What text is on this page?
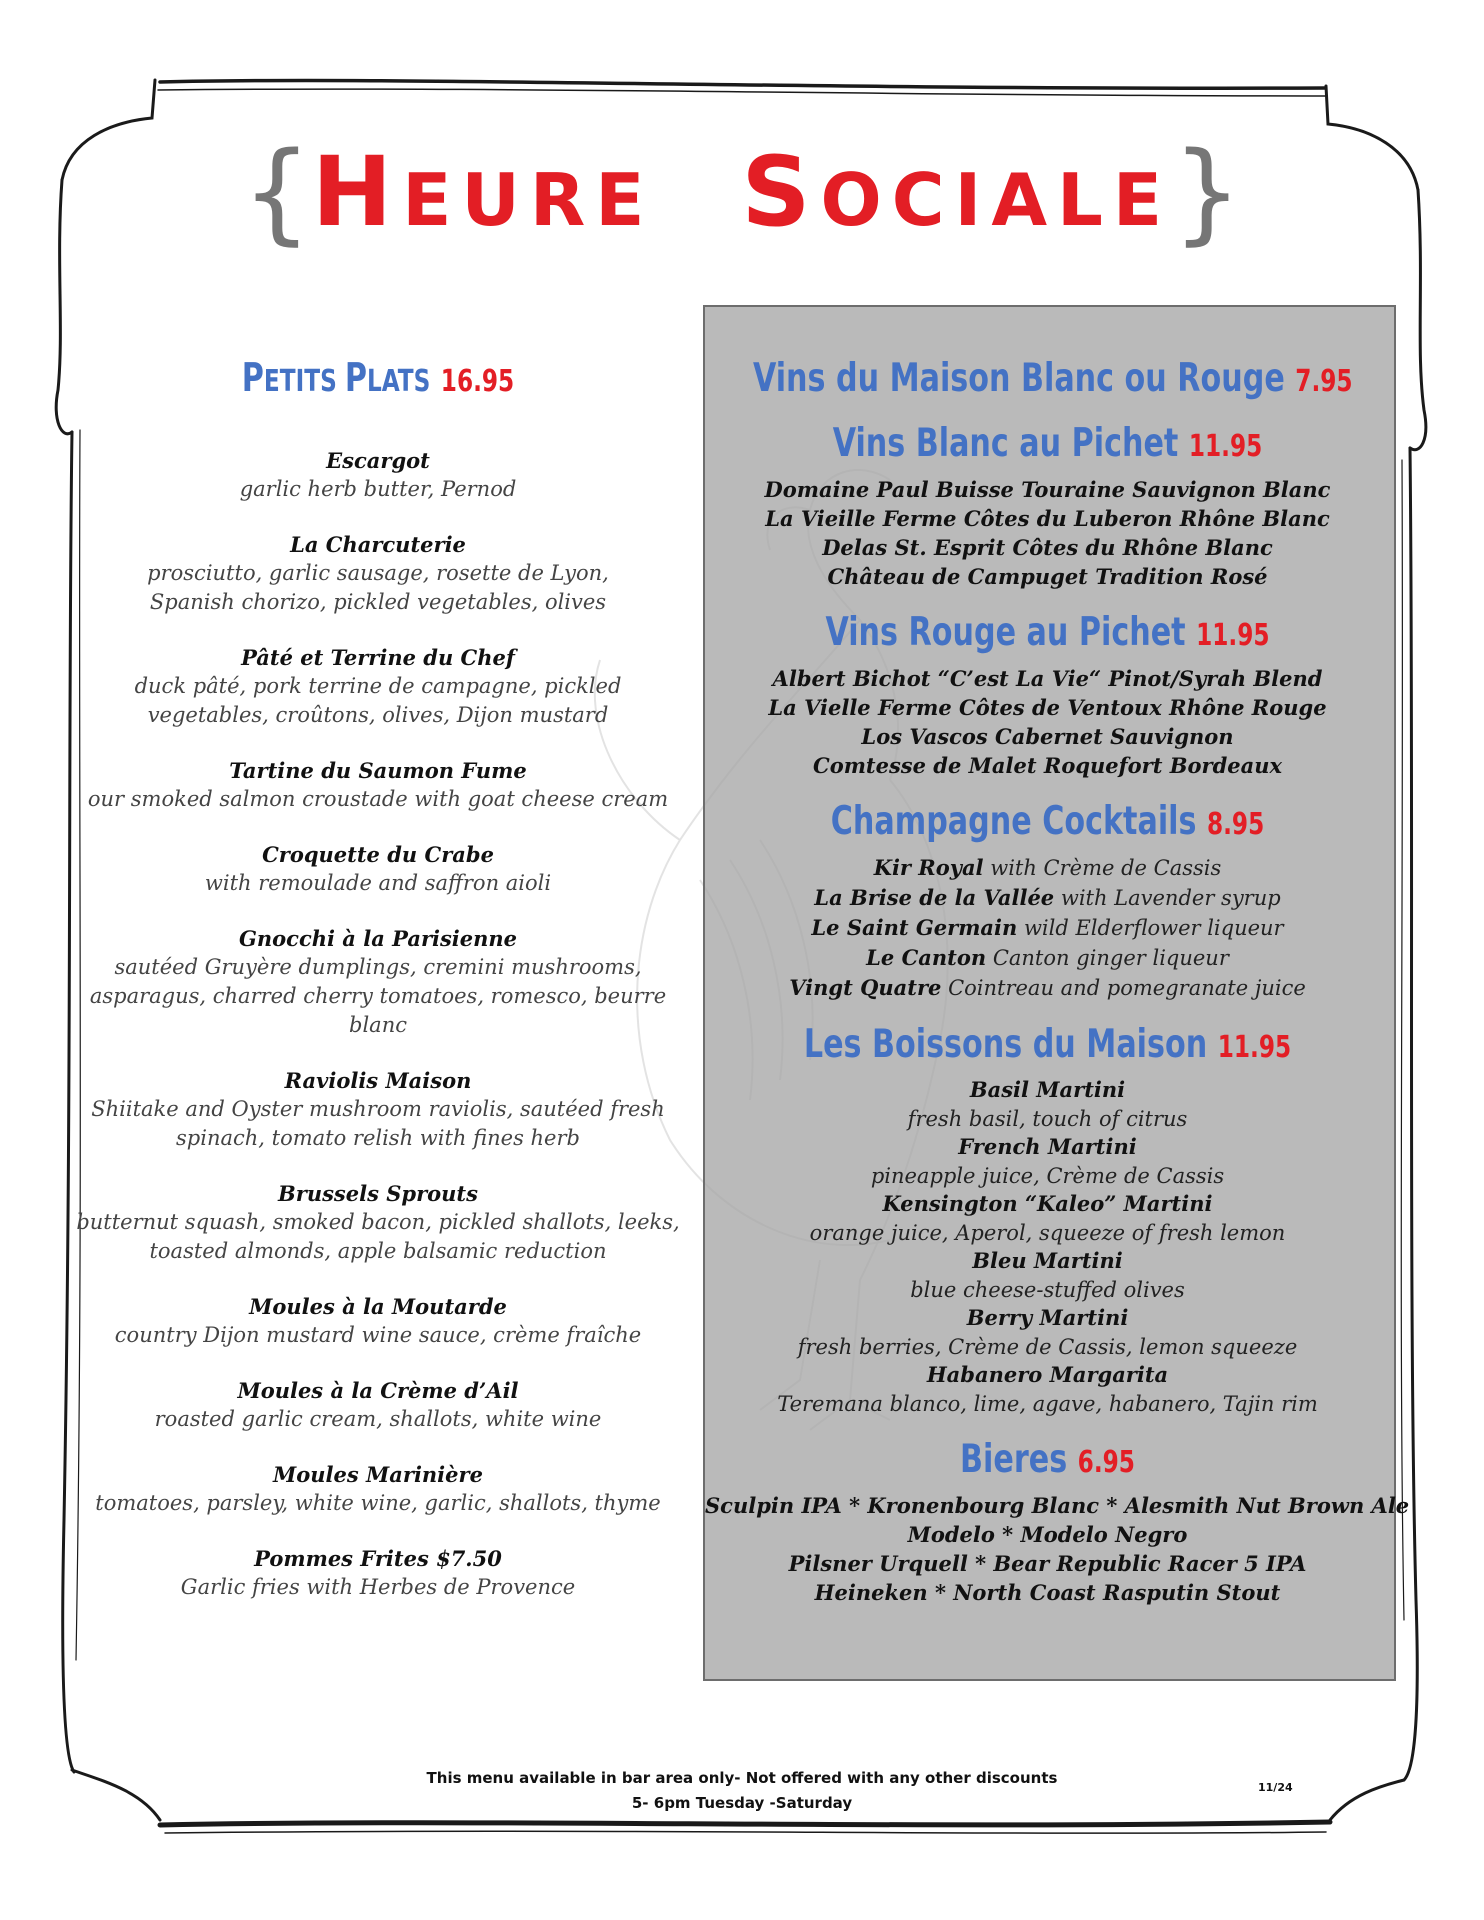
{HEURE SOCIALE}
PETITS PLATS 16.95
Escargot
garlic herb butter, Pernod
La Charcuterie
prosciutto, garlic sausage, rosette de Lyon,
Spanish chorizo, pickled vegetables, olives
Pâté et Terrine du Chef
duck pâté, pork terrine de campagne, pickled
vegetables, croûtons, olives, Dijon mustard
Tartine du Saumon Fume
our smoked salmon croustade with goat cheese cream
Croquette du Crabe
with remoulade and saffron aioli
Gnocchi à la Parisienne
sautéed Gruyère dumplings, cremini mushrooms,
asparagus, charred cherry tomatoes, romesco, beurre blanc
Raviolis Maison
Shiitake and Oyster mushroom raviolis, sautéed fresh
spinach, tomato relish with fines herb
Brussels Sprouts
butternut squash, smoked bacon, pickled shallots, leeks,
toasted almonds, apple balsamic reduction
Moules à la Moutarde
country Dijon mustard wine sauce, crème fraîche
Moules à la Crème d’Ail
roasted garlic cream, shallots, white wine
Moules Marinière
tomatoes, parsley, white wine, garlic, shallots, thyme
Pommes Frites $7.50
Garlic fries with Herbes de Provence
Vins du Maison Blanc ou Rouge 7.95
Vins Blanc au Pichet 11.95
Domaine Paul Buisse Touraine Sauvignon Blanc
La Vieille Ferme Côtes du Luberon Rhône Blanc
Delas St. Esprit Côtes du Rhône Blanc
Château de Campuget Tradition Rosé
Vins Rouge au Pichet 11.95
Albert Bichot “C’est La Vie“ Pinot/Syrah Blend
La Vielle Ferme Côtes de Ventoux Rhône Rouge
Los Vascos Cabernet Sauvignon
Comtesse de Malet Roquefort Bordeaux
Champagne Cocktails 8.95
Kir Royal with Crème de Cassis
La Brise de la Vallée with Lavender syrup
Le Saint Germain wild Elderflower liqueur
Le Canton Canton ginger liqueur
Vingt Quatre Cointreau and pomegranate juice
Les Boissons du Maison 11.95
Basil Martini
fresh basil, touch of citrus
French Martini
pineapple juice, Crème de Cassis
Kensington “Kaleo” Martini
orange juice, Aperol, squeeze of fresh lemon
Bleu Martini
blue cheese-stuffed olives
Berry Martini
fresh berries, Crème de Cassis, lemon squeeze
Habanero Margarita
Teremana blanco, lime, agave, habanero, Tajin rim
Bieres 6.95
Sculpin IPA * Kronenbourg Blanc * Alesmith Nut Brown Ale
Modelo * Modelo Negro
Pilsner Urquell * Bear Republic Racer 5 IPA
Heineken * North Coast Rasputin Stout
This menu available in bar area only- Not offered with any other discounts
5- 6pm Tuesday -Saturday
11/24
